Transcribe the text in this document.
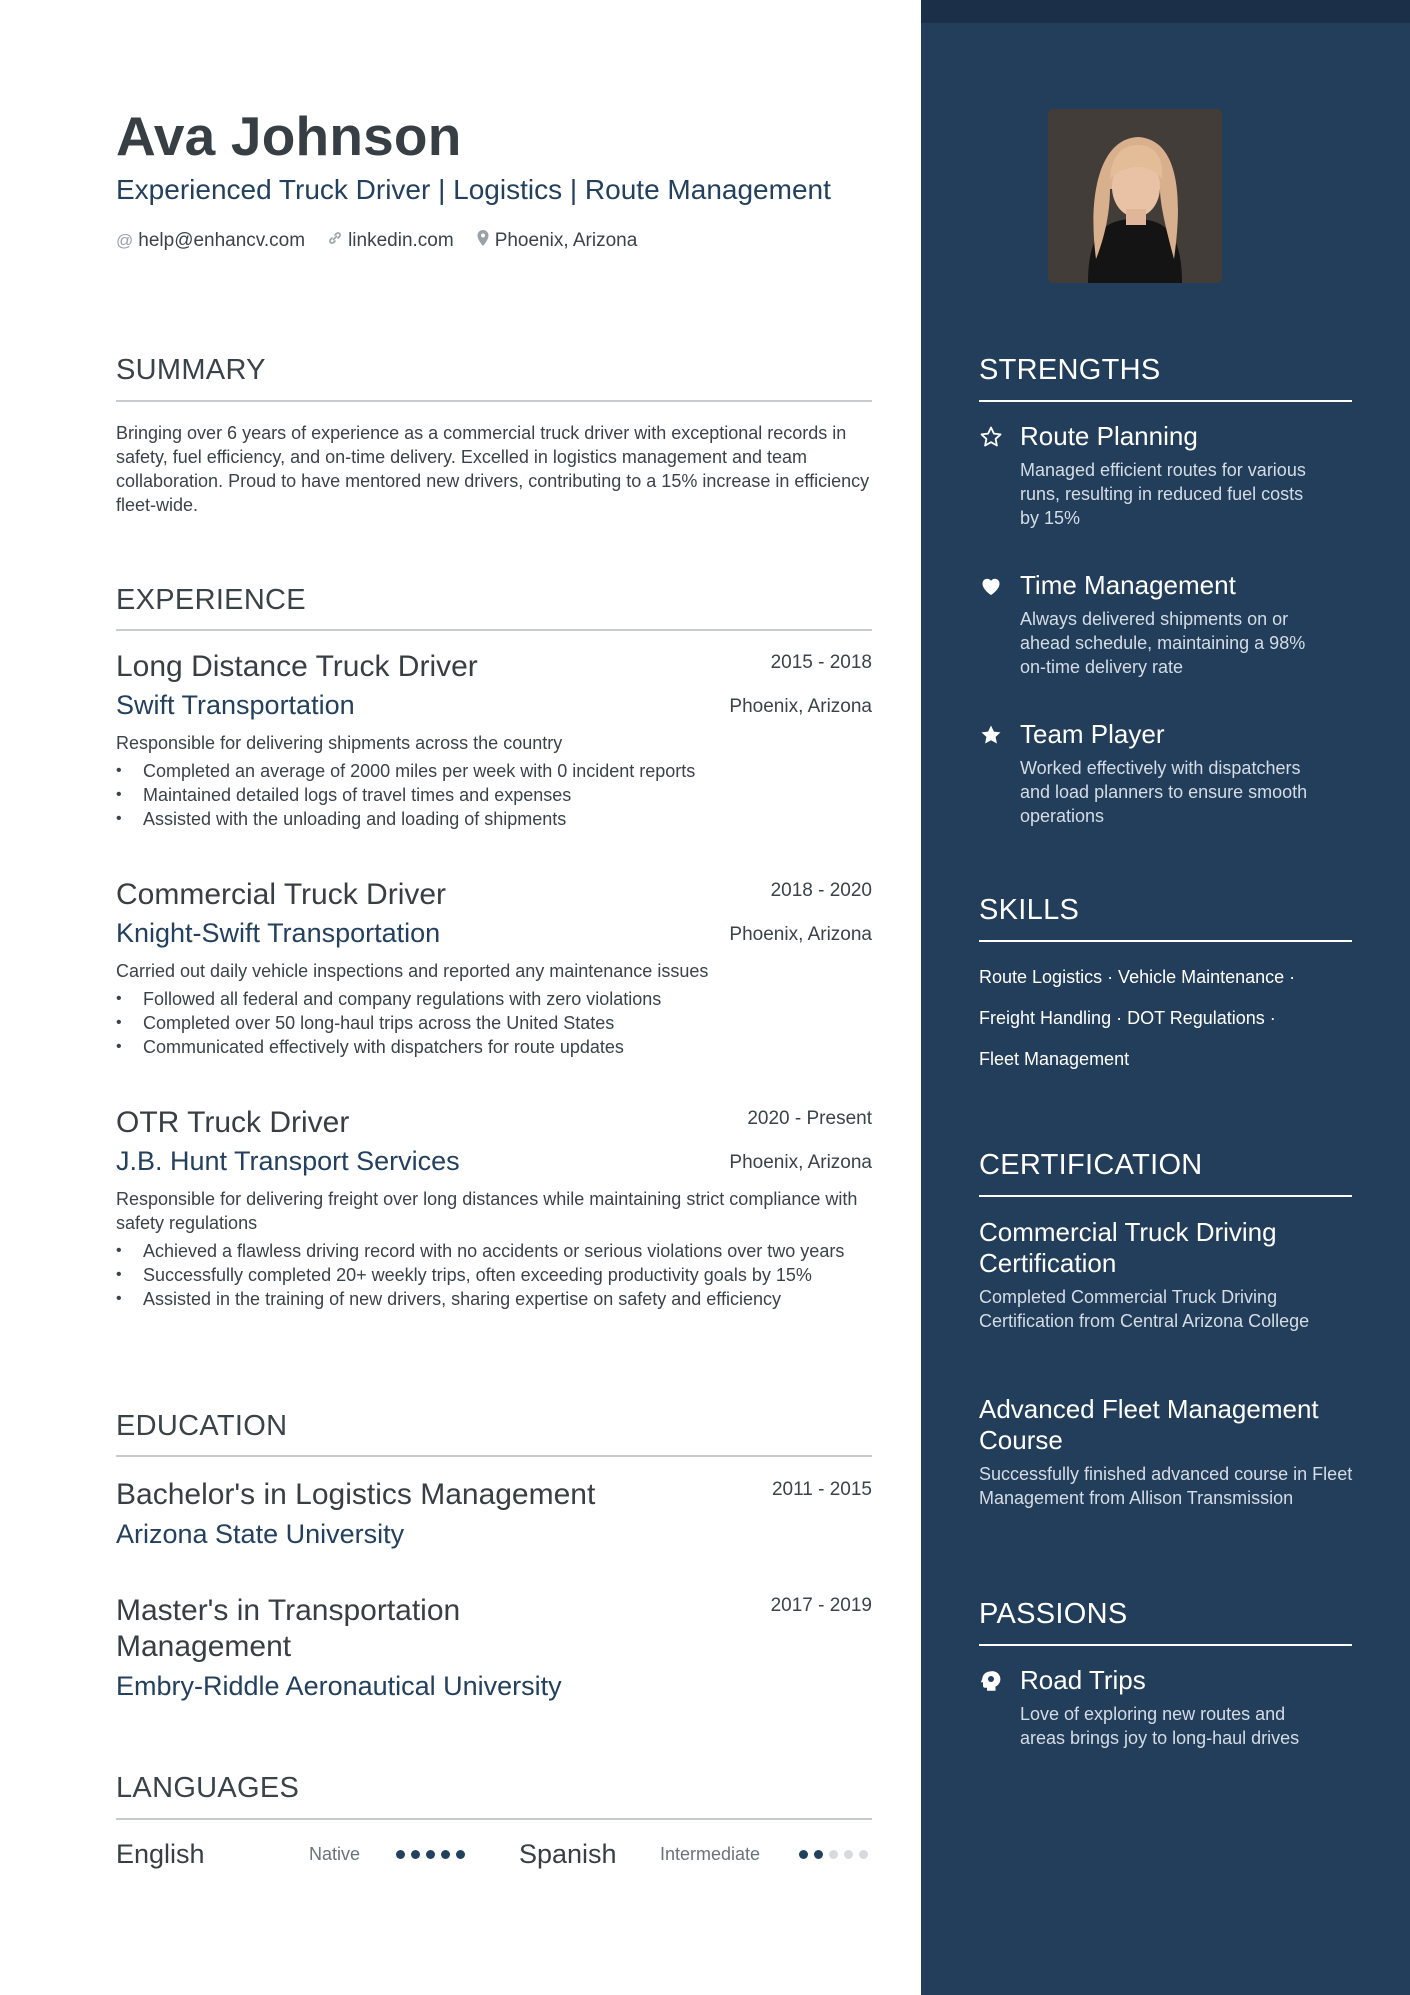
Ava Johnson
Experienced Truck Driver | Logistics | Route Management
@ help@enhancv.com linkedin.com Phoenix, Arizona
SUMMARY

Bringing over 6 years of experience as a commercial truck driver with exceptional records in safety, fuel efficiency, and on-time delivery. Excelled in logistics management and team collaboration. Proud to have mentored new drivers, contributing to a 15% increase in efficiency fleet-wide.

EXPERIENCE
Long Distance Truck Driver	2015 - 2018
Swift Transportation	Phoenix, Arizona
Responsible for delivering shipments across the country
• Completed an average of 2000 miles per week with 0 incident reports
• Maintained detailed logs of travel times and expenses
• Assisted with the unloading and loading of shipments
Commercial Truck Driver	2018 - 2020
Knight-Swift Transportation	Phoenix, Arizona
Carried out daily vehicle inspections and reported any maintenance issues
• Followed all federal and company regulations with zero violations
• Completed over 50 long-haul trips across the United States
• Communicated effectively with dispatchers for route updates
OTR Truck Driver	2020 - Present
J.B. Hunt Transport Services	Phoenix, Arizona
Responsible for delivering freight over long distances while maintaining strict compliance with safety regulations
• Achieved a flawless driving record with no accidents or serious violations over two years
• Successfully completed 20+ weekly trips, often exceeding productivity goals by 15%
• Assisted in the training of new drivers, sharing expertise on safety and efficiency
EDUCATION
Bachelor's in Logistics Management	2011 - 2015
Arizona State University
Master's in Transportation Management
2017 - 2019
Embry-Riddle Aeronautical University
LANGUAGES
English	Native	Spanish Intermediate
STRENGTHS
Route Planning
Managed efficient routes for various runs, resulting in reduced fuel costs by 15%
Time Management
Always delivered shipments on or ahead schedule, maintaining a 98% on-time delivery rate
Team Player
Worked effectively with dispatchers and load planners to ensure smooth operations
SKILLS
Route Logistics · Vehicle Maintenance ·
Freight Handling · DOT Regulations ·
Fleet Management
CERTIFICATION
Commercial Truck Driving Certification
Completed Commercial Truck Driving Certification from Central Arizona College
Advanced Fleet Management Course
Successfully finished advanced course in Fleet Management from Allison Transmission
PASSIONS
Road Trips
Love of exploring new routes and areas brings joy to long-haul drives
